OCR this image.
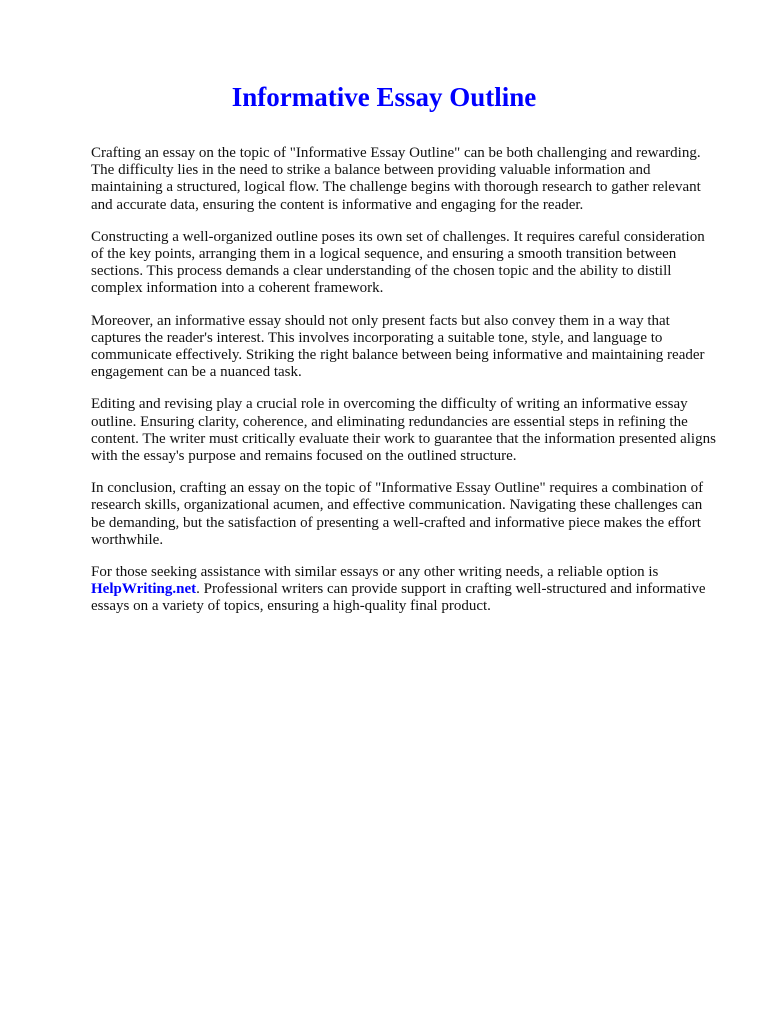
Informative Essay Outline

Crafting an essay on the topic of "Informative Essay Outline" can be both challenging and rewarding. The difficulty lies in the need to strike a balance between providing valuable information and maintaining a structured, logical flow. The challenge begins with thorough research to gather relevant and accurate data, ensuring the content is informative and engaging for the reader.

Constructing a well-organized outline poses its own set of challenges. It requires careful consideration of the key points, arranging them in a logical sequence, and ensuring a smooth transition between sections. This process demands a clear understanding of the chosen topic and the ability to distill complex information into a coherent framework.

Moreover, an informative essay should not only present facts but also convey them in a way that captures the reader's interest. This involves incorporating a suitable tone, style, and language to communicate effectively. Striking the right balance between being informative and maintaining reader engagement can be a nuanced task.

Editing and revising play a crucial role in overcoming the difficulty of writing an informative essay outline. Ensuring clarity, coherence, and eliminating redundancies are essential steps in refining the content. The writer must critically evaluate their work to guarantee that the information presented aligns with the essay's purpose and remains focused on the outlined structure.

In conclusion, crafting an essay on the topic of "Informative Essay Outline" requires a combination of research skills, organizational acumen, and effective communication. Navigating these challenges can be demanding, but the satisfaction of presenting a well-crafted and informative piece makes the effort worthwhile.

For those seeking assistance with similar essays or any other writing needs, a reliable option is HelpWriting.net. Professional writers can provide support in crafting well-structured and informative essays on a variety of topics, ensuring a high-quality final product.
